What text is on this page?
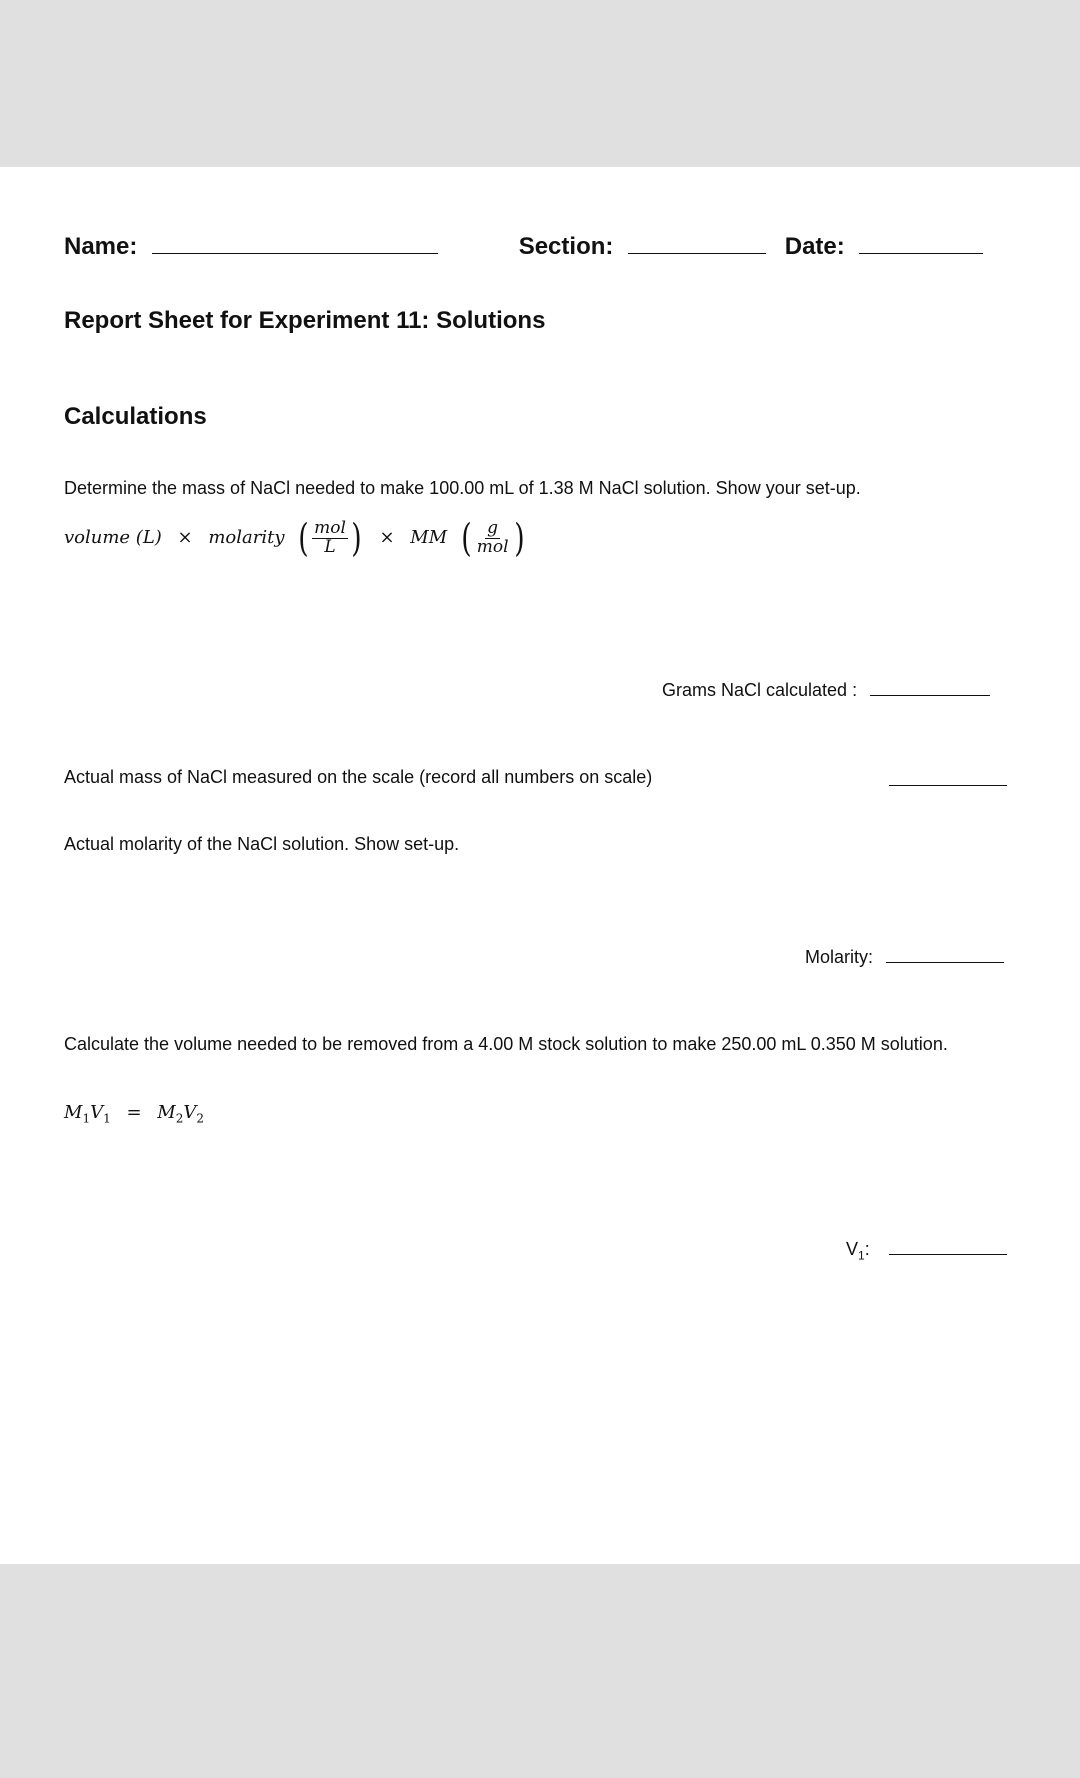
Name:	Section:	Date:
Report Sheet for Experiment 11: Solutions
Calculations
Determine the mass of NaCl needed to make 100.00 mL of 1.38 M NaCl solution. Show your set-up.
volume (L) × molarity ( $\frac{\text{mol}}{L}$ ) × MM ( $\frac{g}{\text{mol}}$ )
Grams NaCl calculated :
Actual mass of NaCl measured on the scale (record all numbers on scale)
Actual molarity of the NaCl solution. Show set-up.
Molarity:
Calculate the volume needed to be removed from a 4.00 M stock solution to make 250.00 mL 0.350 M solution.
$M_1V_1 = M_2V_2$
$V_1$:
